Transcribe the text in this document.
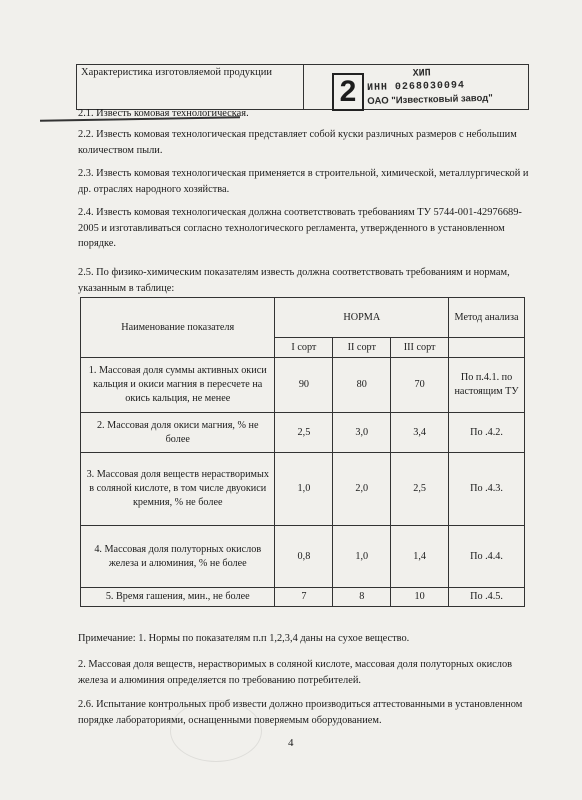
Характеристика изготовляемой продукции
2
ХИП
ИНН 0268030094
ОАО "Известковый завод"
2.1. Известь комовая технологическая.
2.2. Известь комовая технологическая представляет собой куски различных размеров с небольшим количеством пыли.
2.3. Известь комовая технологическая применяется в строительной, химической, металлургической и др. отраслях народного хозяйства.
2.4. Известь комовая технологическая должна соответствовать требованиям ТУ 5744-001-42976689-2005 и изготавливаться согласно технологического регламента, утвержденного в установленном порядке.
2.5. По физико-химическим показателям известь должна соответствовать требованиям и нормам, указанным в таблице:
Наименование показателя	НОРМА			Метод анализа
	I сорт	II сорт	III сорт	
1. Массовая доля суммы активных окиси кальция и окиси магния в пересчете на окись кальция, не менее	90	80	70	По п.4.1. по настоящим ТУ
2. Массовая доля окиси магния, % не более	2,5	3,0	3,4	По .4.2.
3. Массовая доля веществ нерастворимых в соляной кислоте, в том числе двуокиси кремния, % не более	1,0	2,0	2,5	По .4.3.
4. Массовая доля полуторных окислов железа и алюминия, % не более	0,8	1,0	1,4	По .4.4.
5. Время гашения, мин., не более	7	8	10	По .4.5.
Примечание: 1. Нормы по показателям п.п 1,2,3,4 даны на сухое вещество.
2. Массовая доля веществ, нерастворимых в соляной кислоте, массовая доля полуторных окислов железа и алюминия определяется по требованию потребителей.
2.6. Испытание контрольных проб извести должно производиться аттестованными в установленном порядке лабораториями, оснащенными поверяемым оборудованием.
4
